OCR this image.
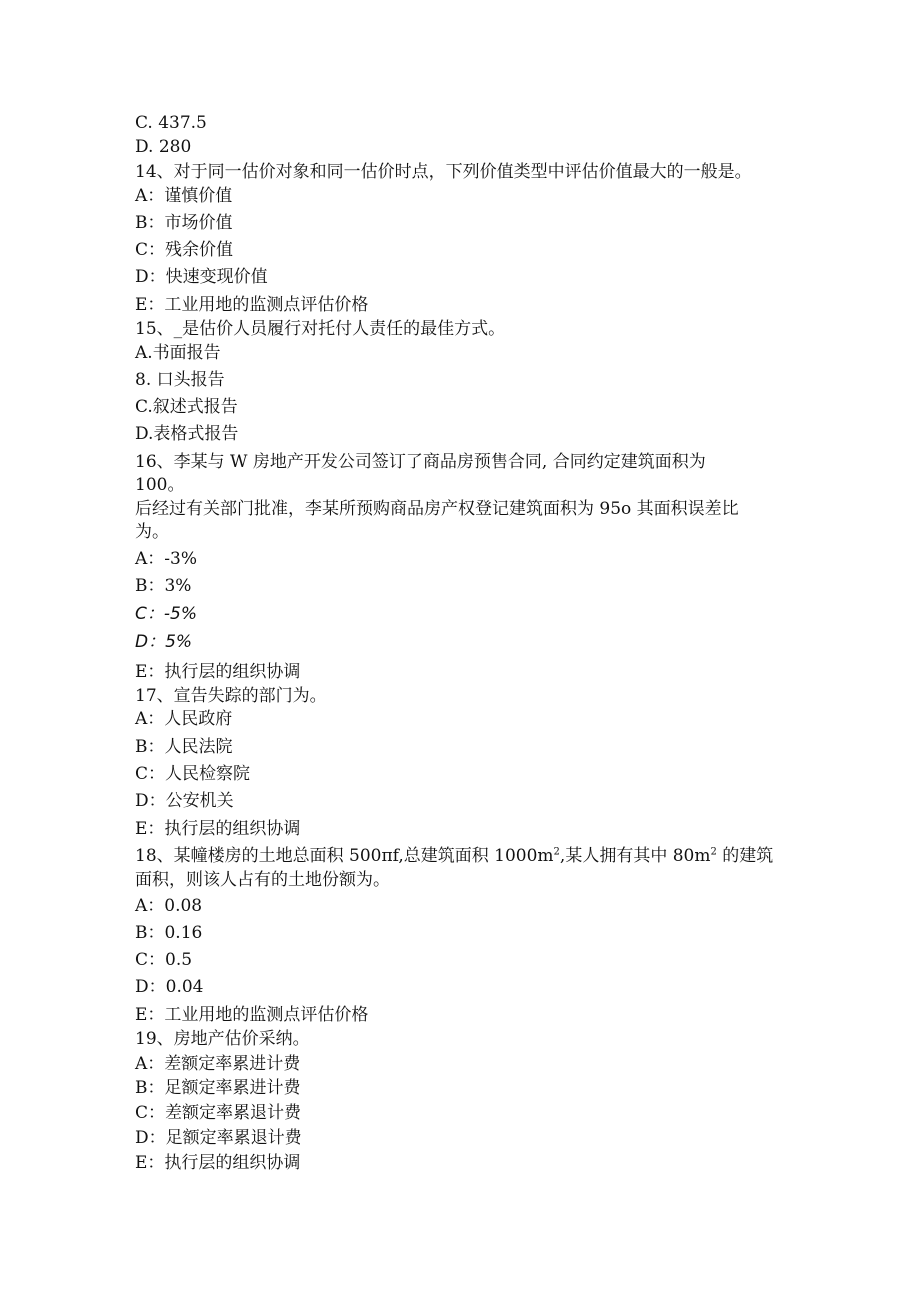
C. 437.5
D. 280
14、对于同一估价对象和同一估价时点，下列价值类型中评估价值最大的一般是。
A：谨慎价值
B：市场价值
C：残余价值
D：快速变现价值
E：工业用地的监测点评估价格
15、_是估价人员履行对托付人责任的最佳方式。
A.书面报告
8. 口头报告
C.叙述式报告
D.表格式报告
16、李某与 W 房地产开发公司签订了商品房预售合同, 合同约定建筑面积为
100。
后经过有关部门批准，李某所预购商品房产权登记建筑面积为 95o 其面积误差比
为。
A：-3%
B：3%
C：-5%
D：5%
E：执行层的组织协调
17、宣告失踪的部门为。
A：人民政府
B：人民法院
C：人民检察院
D：公安机关
E：执行层的组织协调
18、某幢楼房的土地总面积 500πf,总建筑面积 $1000m^2$,某人拥有其中 $80m^2$ 的建筑
面积，则该人占有的土地份额为。
A：0.08
B：0.16
C：0.5
D：0.04
E：工业用地的监测点评估价格
19、房地产估价采纳。
A：差额定率累进计费
B：足额定率累进计费
C：差额定率累退计费
D：足额定率累退计费
E：执行层的组织协调
